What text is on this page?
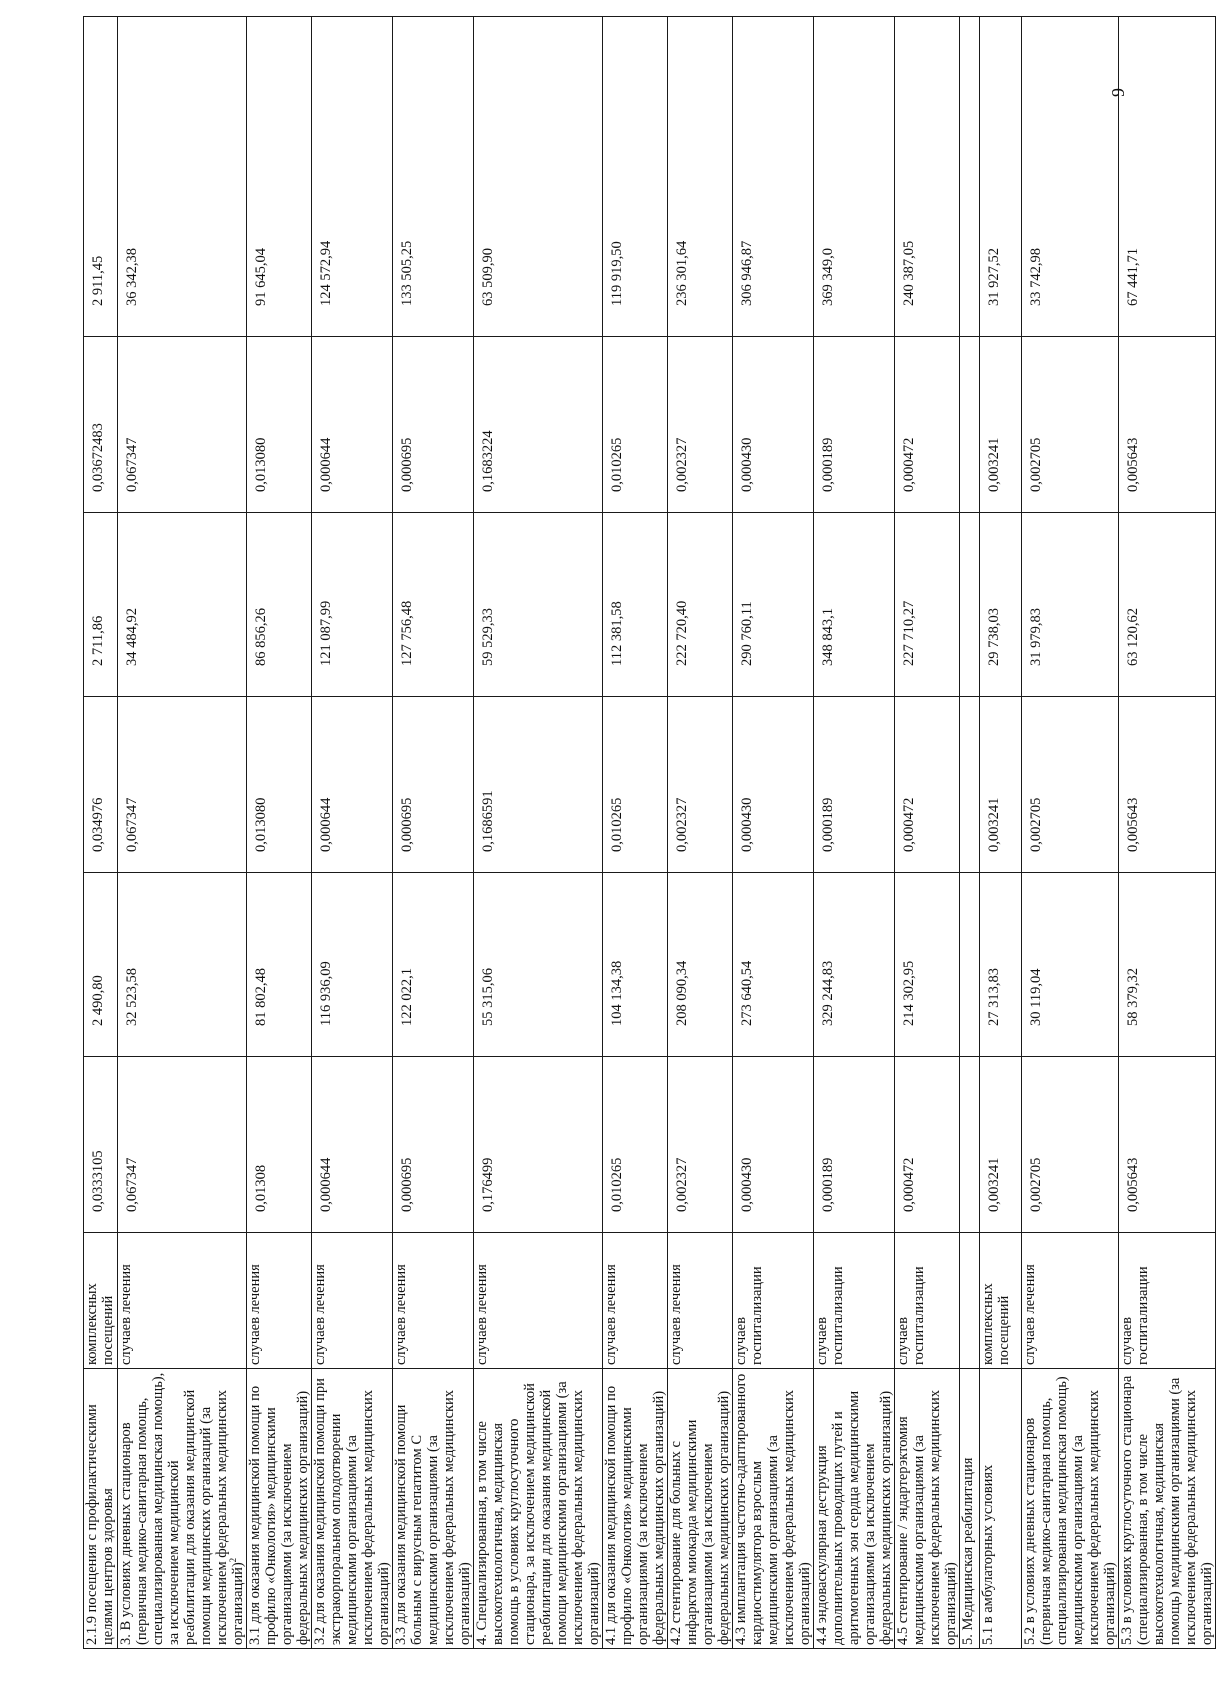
2.1.9 посещения с профилактическими целями центров здоровья	комплексных посещений	0,0333105	2 490,80	0,034976	2 711,86	0,03672483	2 911,45
3. В условиях дневных стационаров (первичная медико-санитарная помощь, специализированная медицинская помощь), за исключением медицинской реабилитации для оказания медицинской помощи медицинских организаций (за исключением федеральных медицинских организаций)$^2$	случаев лечения	0,067347	32 523,58	0,067347	34 484,92	0,067347	36 342,38
3.1 для оказания медицинской помощи по профилю «Онкология» медицинскими организациями (за исключением федеральных медицинских организаций)	случаев лечения	0,01308	81 802,48	0,013080	86 856,26	0,013080	91 645,04
3.2 для оказания медицинской помощи при экстракорпоральном оплодотворении медицинскими организациями (за исключением федеральных медицинских организаций)	случаев лечения	0,000644	116 936,09	0,000644	121 087,99	0,000644	124 572,94
3.3 для оказания медицинской помощи больным с вирусным гепатитом С медицинскими организациями (за исключением федеральных медицинских организаций)	случаев лечения	0,000695	122 022,1	0,000695	127 756,48	0,000695	133 505,25
4. Специализированная, в том числе высокотехнологичная, медицинская помощь в условиях круглосуточного стационара, за исключением медицинской реабилитации для оказания медицинской помощи медицинскими организациями (за исключением федеральных медицинских организаций)	случаев лечения	0,176499	55 315,06	0,1686591	59 529,33	0,1683224	63 509,90
4.1 для оказания медицинской помощи по профилю «Онкология» медицинскими организациями (за исключением федеральных медицинских организаций)	случаев лечения	0,010265	104 134,38	0,010265	112 381,58	0,010265	119 919,50
4.2 стентирование для больных с инфарктом миокарда медицинскими организациями (за исключением федеральных медицинских организаций)	случаев лечения	0,002327	208 090,34	0,002327	222 720,40	0,002327	236 301,64
4.3 имплантация частотно-адаптированного кардиостимулятора взрослым медицинскими организациями (за исключением федеральных медицинских организаций)	случаев госпитализации	0,000430	273 640,54	0,000430	290 760,11	0,000430	306 946,87
4.4 эндоваскулярная деструкция дополнительных проводящих путей и аритмогенных зон сердца медицинскими организациями (за исключением федеральных медицинских организаций)	случаев госпитализации	0,000189	329 244,83	0,000189	348 843,1	0,000189	369 349,0
4.5 стентирование / эндартерэктомия медицинскими организациями (за исключением федеральных медицинских организаций)	случаев госпитализации	0,000472	214 302,95	0,000472	227 710,27	0,000472	240 387,05
5. Медицинская реабилитация							
5.1 в амбулаторных условиях	комплексных посещений	0,003241	27 313,83	0,003241	29 738,03	0,003241	31 927,52
5.2 в условиях дневных стационаров (первичная медико-санитарная помощь, специализированная медицинская помощь) медицинскими организациями (за исключением федеральных медицинских организаций)	случаев лечения	0,002705	30 119,04	0,002705	31 979,83	0,002705	33 742,98
5.3 в условиях круглосуточного стационара (специализированная, в том числе высокотехнологичная, медицинская помощь) медицинскими организациями (за исключением федеральных медицинских организаций)	случаев госпитализации	0,005643	58 379,32	0,005643	63 120,62	0,005643	67 441,71
9
